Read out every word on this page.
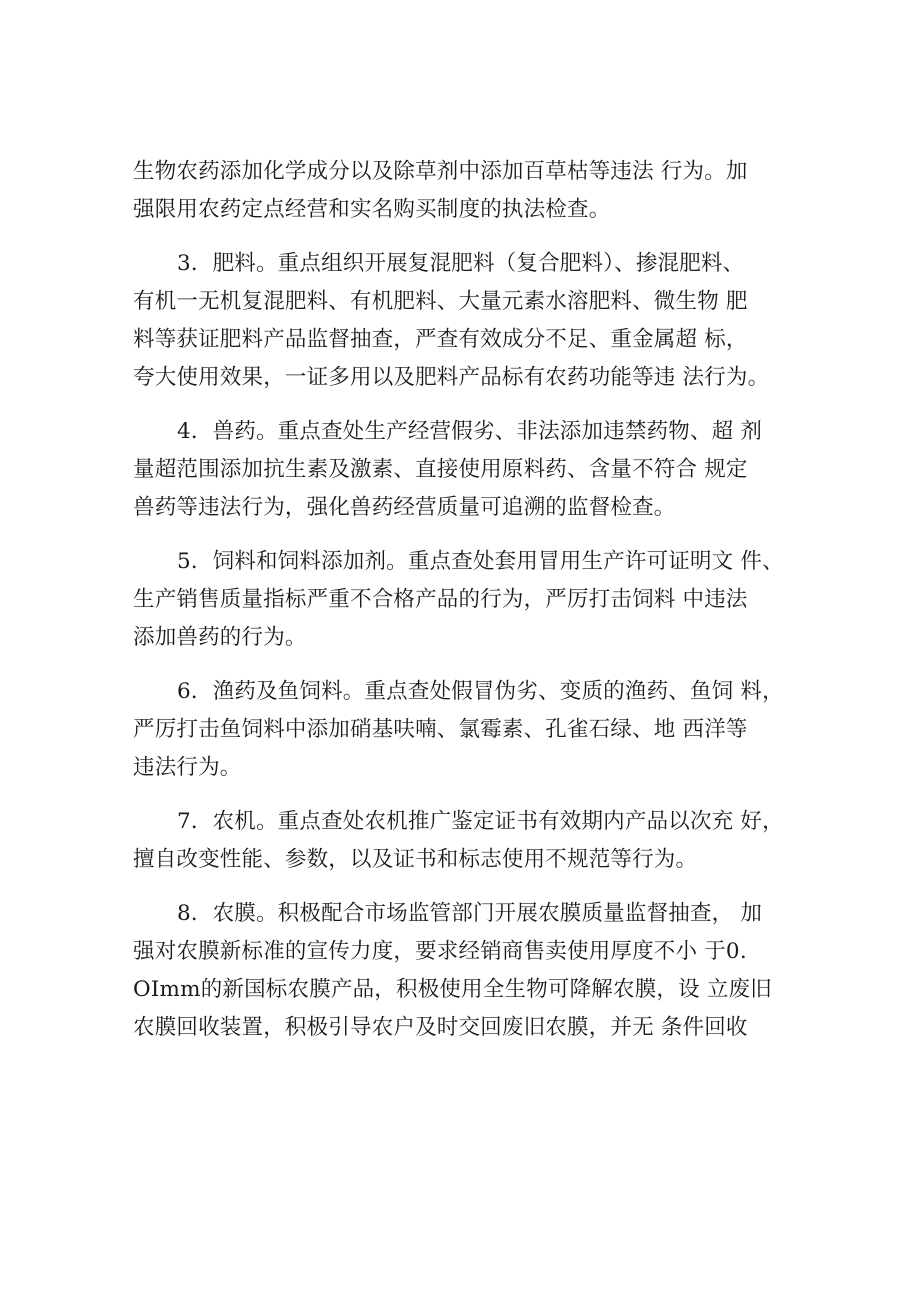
生物农药添加化学成分以及除草剂中添加百草枯等违法 行为。加
强限用农药定点经营和实名购买制度的执法检查。
3．肥料。重点组织开展复混肥料（复合肥料）、掺混肥料、
有机一无机复混肥料、有机肥料、大量元素水溶肥料、微生物 肥
料等获证肥料产品监督抽查，严查有效成分不足、重金属超 标，
夸大使用效果，一证多用以及肥料产品标有农药功能等违 法行为。
4．兽药。重点查处生产经营假劣、非法添加违禁药物、超 剂
量超范围添加抗生素及激素、直接使用原料药、含量不符合 规定
兽药等违法行为，强化兽药经营质量可追溯的监督检查。
5．饲料和饲料添加剂。重点查处套用冒用生产许可证明文 件、
生产销售质量指标严重不合格产品的行为，严厉打击饲料 中违法
添加兽药的行为。
6．渔药及鱼饲料。重点查处假冒伪劣、变质的渔药、鱼饲 料，
严厉打击鱼饲料中添加硝基呋喃、氯霉素、孔雀石绿、地 西洋等
违法行为。
7．农机。重点查处农机推广鉴定证书有效期内产品以次充 好，
擅自改变性能、参数，以及证书和标志使用不规范等行为。
8．农膜。积极配合市场监管部门开展农膜质量监督抽查， 加
强对农膜新标准的宣传力度，要求经销商售卖使用厚度不小 于0.
OImm的新国标农膜产品，积极使用全生物可降解农膜，设 立废旧
农膜回收装置，积极引导农户及时交回废旧农膜，并无 条件回收
